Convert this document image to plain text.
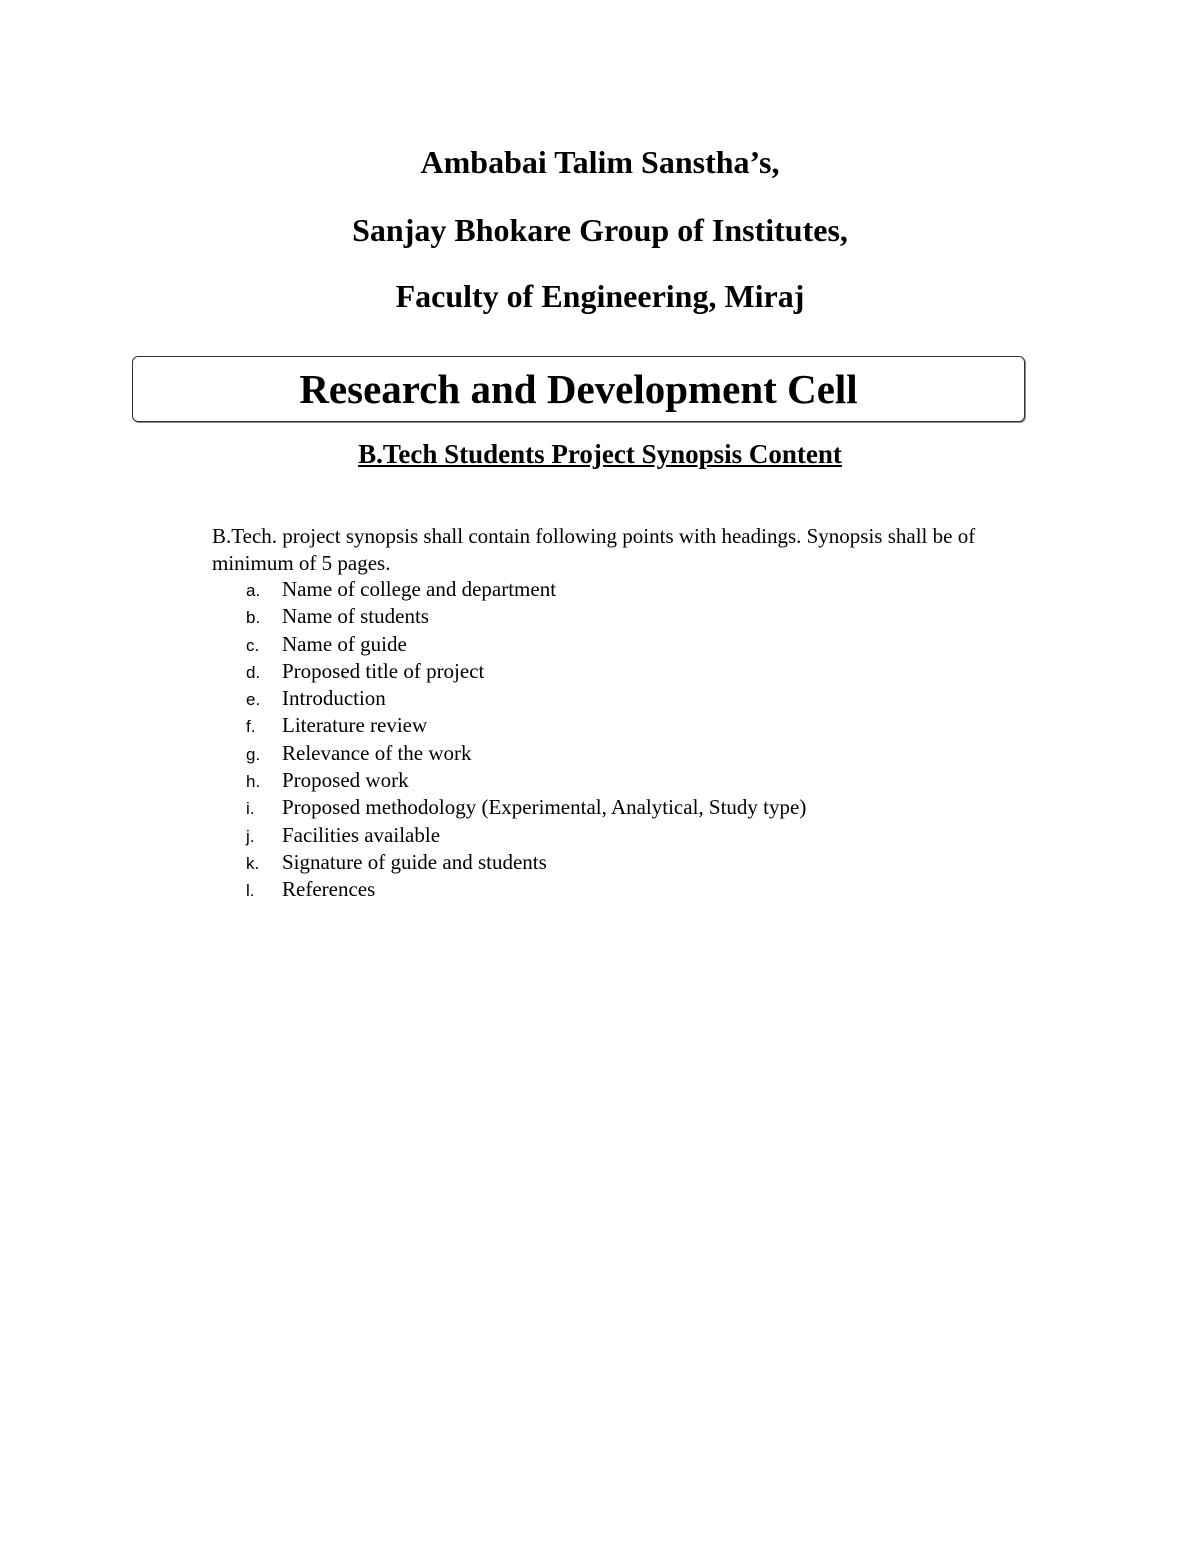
Ambabai Talim Sanstha’s,
Sanjay Bhokare Group of Institutes,
Faculty of Engineering, Miraj
Research and Development Cell
B.Tech Students Project Synopsis Content
B.Tech. project synopsis shall contain following points with headings. Synopsis shall be of minimum of 5 pages.
a. Name of college and department
b. Name of students
c. Name of guide
d. Proposed title of project
e. Introduction
f. Literature review
g. Relevance of the work
h. Proposed work
i. Proposed methodology (Experimental, Analytical, Study type)
j. Facilities available
k. Signature of guide and students
l. References
